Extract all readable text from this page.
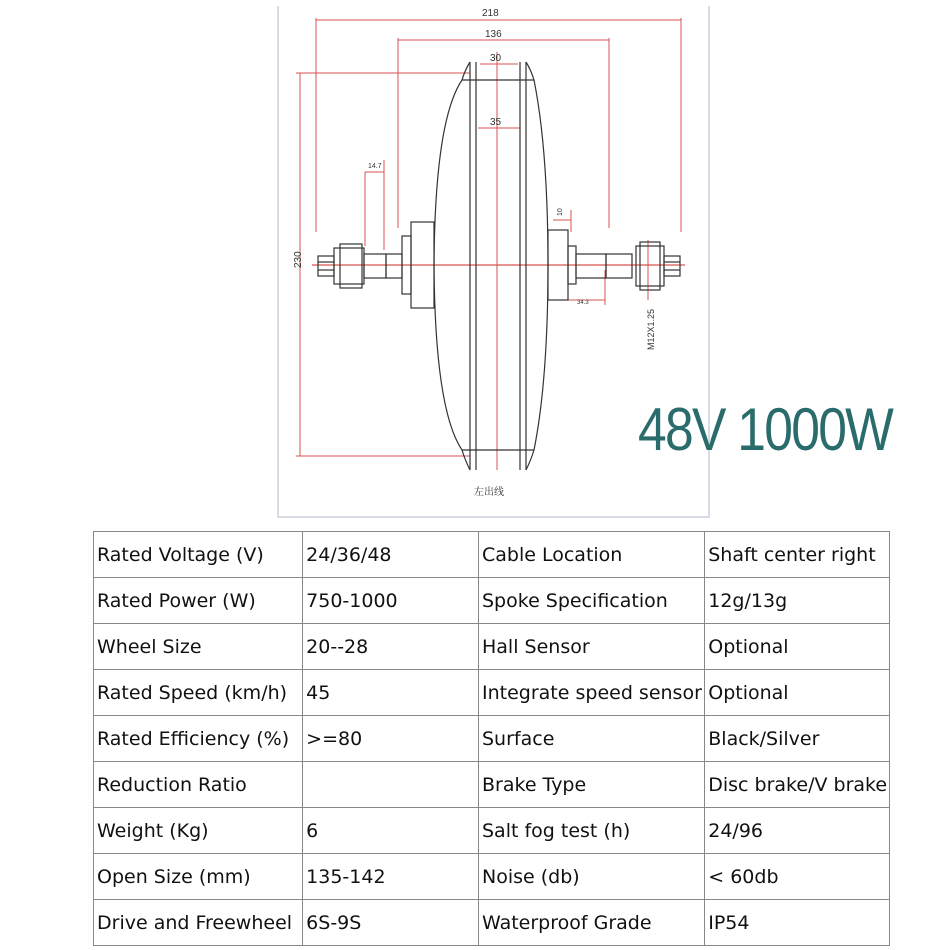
218
136
30
35
14.7
10
34.3
230
M12X1.25
左出线
48V 1000W
Rated Voltage (V)	24/36/48	Cable Location	Shaft center right
Rated Power (W)	750-1000	Spoke Specification	12g/13g
Wheel Size	20--28	Hall Sensor	Optional
Rated Speed (km/h)	45	Integrate speed sensor	Optional
Rated Efficiency (%)	>=80	Surface	Black/Silver
Reduction Ratio		Brake Type	Disc brake/V brake
Weight (Kg)	6	Salt fog test (h)	24/96
Open Size (mm)	135-142	Noise (db)	< 60db
Drive and Freewheel	6S-9S	Waterproof Grade	IP54
